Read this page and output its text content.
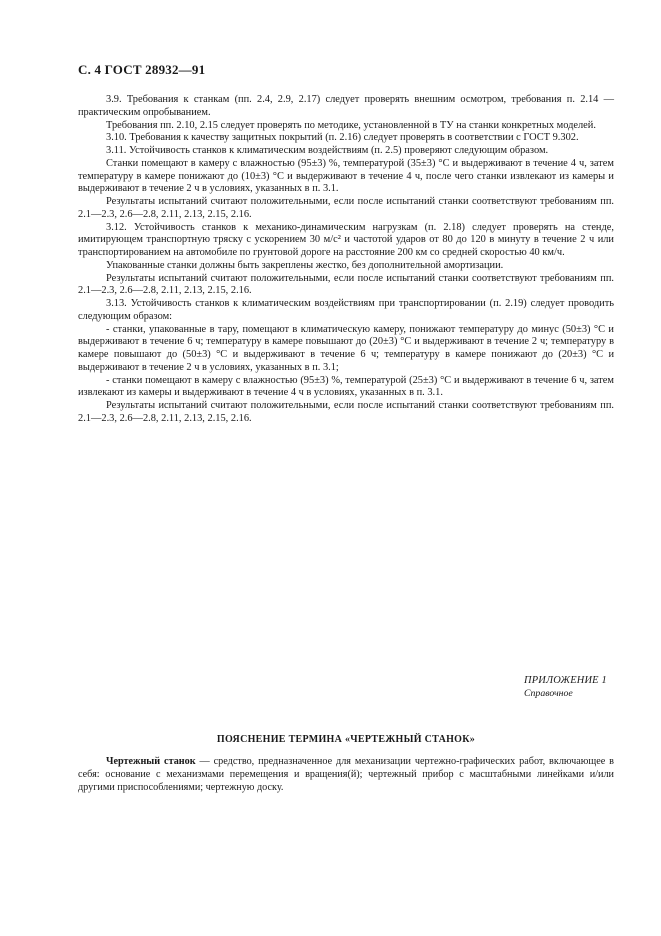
С. 4 ГОСТ 28932—91

3.9. Требования к станкам (пп. 2.4, 2.9, 2.17) следует проверять внешним осмотром, требования п. 2.14 — практическим опробыванием.

Требования пп. 2.10, 2.15 следует проверять по методике, установленной в ТУ на станки конкретных моделей.

3.10. Требования к качеству защитных покрытий (п. 2.16) следует проверять в соответствии с ГОСТ 9.302.

3.11. Устойчивость станков к климатическим воздействиям (п. 2.5) проверяют следующим образом.

Станки помещают в камеру с влажностью (95±3) %, температурой (35±3) °С и выдерживают в течение 4 ч, затем температуру в камере понижают до (10±3) °С и выдерживают в течение 4 ч, после чего станки извлекают из камеры и выдерживают в течение 2 ч в условиях, указанных в п. 3.1.

Результаты испытаний считают положительными, если после испытаний станки соответствуют требованиям пп. 2.1—2.3, 2.6—2.8, 2.11, 2.13, 2.15, 2.16.

3.12. Устойчивость станков к механико-динамическим нагрузкам (п. 2.18) следует проверять на стенде, имитирующем транспортную тряску с ускорением 30 м/с² и частотой ударов от 80 до 120 в минуту в течение 2 ч или транспортированием на автомобиле по грунтовой дороге на расстояние 200 км со средней скоростью 40 км/ч.

Упакованные станки должны быть закреплены жестко, без дополнительной амортизации.

Результаты испытаний считают положительными, если после испытаний станки соответствуют требованиям пп. 2.1—2.3, 2.6—2.8, 2.11, 2.13, 2.15, 2.16.

3.13. Устойчивость станков к климатическим воздействиям при транспортировании (п. 2.19) следует проводить следующим образом:

- станки, упакованные в тару, помещают в климатическую камеру, понижают температуру до минус (50±3) °С и выдерживают в течение 6 ч; температуру в камере повышают до (20±3) °С и выдерживают в течение 2 ч; температуру в камере повышают до (50±3) °С и выдерживают в течение 6 ч; температуру в камере понижают до (20±3) °С и выдерживают в течение 2 ч в условиях, указанных в п. 3.1;

- станки помещают в камеру с влажностью (95±3) %, температурой (25±3) °С и выдерживают в течение 6 ч, затем извлекают из камеры и выдерживают в течение 4 ч в условиях, указанных в п. 3.1.

Результаты испытаний считают положительными, если после испытаний станки соответствуют требованиям пп. 2.1—2.3, 2.6—2.8, 2.11, 2.13, 2.15, 2.16.

ПРИЛОЖЕНИЕ 1
Справочное
ПОЯСНЕНИЕ ТЕРМИНА «ЧЕРТЕЖНЫЙ СТАНОК»

Чертежный станок — средство, предназначенное для механизации чертежно-графических работ, включающее в себя: основание с механизмами перемещения и вращения(й); чертежный прибор с масштабными линейками и/или другими приспособлениями; чертежную доску.
